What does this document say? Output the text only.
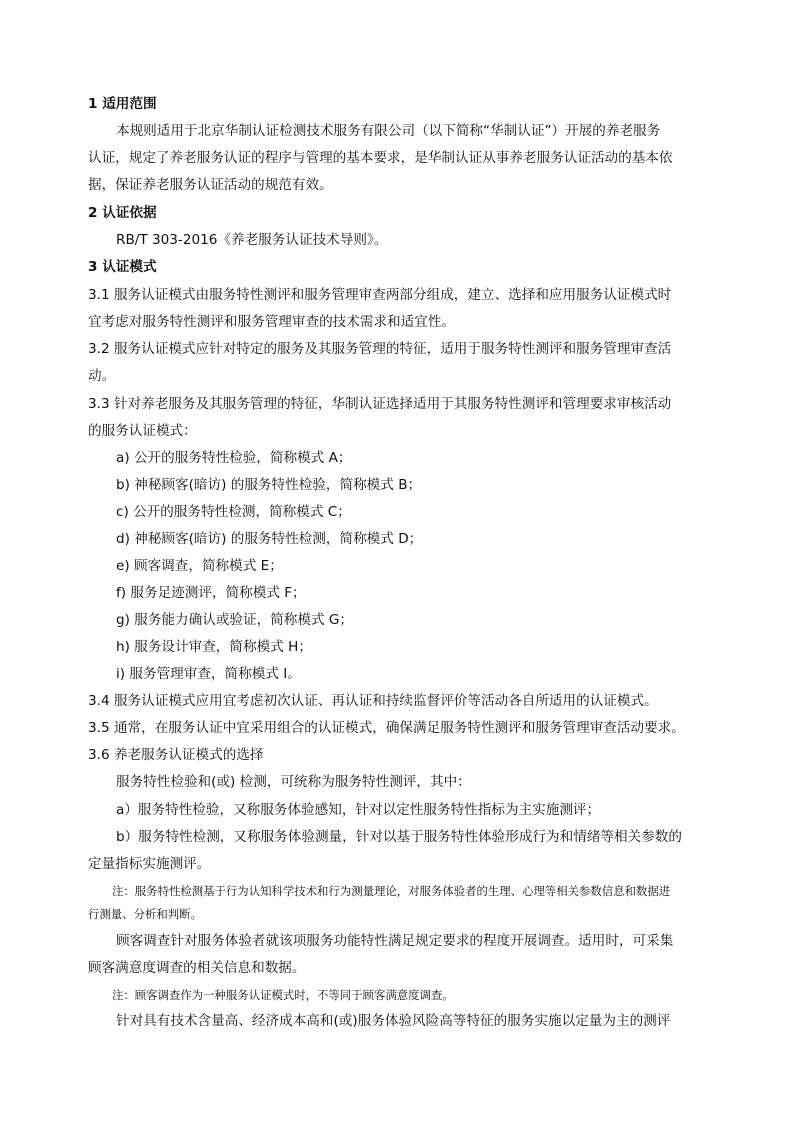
1 适用范围
本规则适用于北京华制认证检测技术服务有限公司（以下简称“华制认证”）开展的养老服务
认证，规定了养老服务认证的程序与管理的基本要求，是华制认证从事养老服务认证活动的基本依
据，保证养老服务认证活动的规范有效。
2 认证依据
RB/T 303-2016《养老服务认证技术导则》。
3 认证模式
3.1 服务认证模式由服务特性测评和服务管理审查两部分组成，建立、选择和应用服务认证模式时
宜考虑对服务特性测评和服务管理审查的技术需求和适宜性。
3.2 服务认证模式应针对特定的服务及其服务管理的特征，适用于服务特性测评和服务管理审查活
动。
3.3 针对养老服务及其服务管理的特征，华制认证选择适用于其服务特性测评和管理要求审核活动
的服务认证模式：
a) 公开的服务特性检验，简称模式 A；
b) 神秘顾客(暗访) 的服务特性检验，简称模式 B；
c) 公开的服务特性检测，简称模式 C；
d) 神秘顾客(暗访) 的服务特性检测，简称模式 D；
e) 顾客调查，简称模式 E；
f) 服务足迹测评，简称模式 F；
g) 服务能力确认或验证，简称模式 G；
h) 服务设计审查，简称模式 H；
i) 服务管理审查，简称模式 I。
3.4 服务认证模式应用宜考虑初次认证、再认证和持续监督评价等活动各自所适用的认证模式。
3.5 通常，在服务认证中宜采用组合的认证模式，确保满足服务特性测评和服务管理审查活动要求。
3.6 养老服务认证模式的选择
服务特性检验和(或) 检测，可统称为服务特性测评，其中：
a）服务特性检验，又称服务体验感知，针对以定性服务特性指标为主实施测评；
b）服务特性检测，又称服务体验测量，针对以基于服务特性体验形成行为和情绪等相关参数的
定量指标实施测评。
注：服务特性检测基于行为认知科学技术和行为测量理论，对服务体验者的生理、心理等相关参数信息和数据进
行测量、分析和判断。
顾客调查针对服务体验者就该项服务功能特性满足规定要求的程度开展调查。适用时，可采集
顾客满意度调查的相关信息和数据。
注：顾客调查作为一种服务认证模式时，不等同于顾客满意度调查。
针对具有技术含量高、经济成本高和(或)服务体验风险高等特征的服务实施以定量为主的测评
